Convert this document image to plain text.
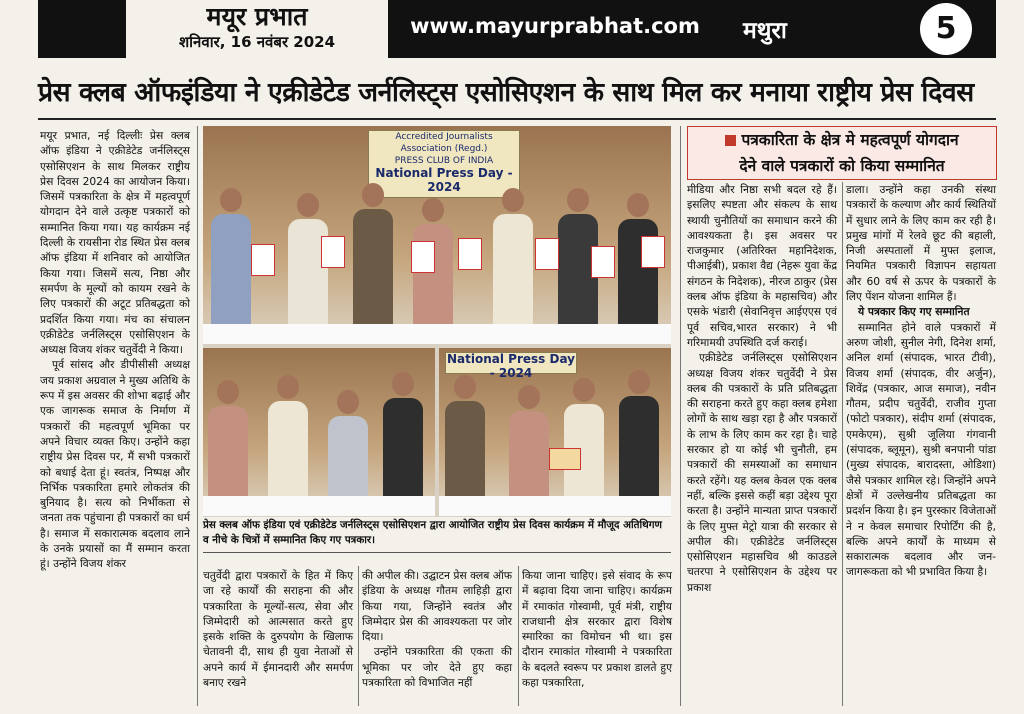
मयूर प्रभात
शनिवार, 16 नवंबर 2024
www.mayurprabhat.com	मथुरा	5
प्रेस क्लब ऑफइंडिया ने एक्रीडेटेड जर्नलिस्ट्स एसोसिएशन के साथ मिल कर मनाया राष्ट्रीय प्रेस दिवस

मयूर प्रभात, नई दिल्लीः प्रेस क्लब ऑफ इंडिया ने एक्रीडेटेड जर्नलिस्ट्स एसोसिएशन के साथ मिलकर राष्ट्रीय प्रेस दिवस 2024 का आयोजन किया। जिसमें पत्रकारिता के क्षेत्र में महत्वपूर्ण योगदान देने वाले उत्कृष्ट पत्रकारों को सम्मानित किया गया। यह कार्यक्रम नई दिल्ली के रायसीना रोड स्थित प्रेस क्लब ऑफ इंडिया में शनिवार को आयोजित किया गया। जिसमें सत्य, निष्ठा और समर्पण के मूल्यों को कायम रखने के लिए पत्रकारों की अटूट प्रतिबद्धता को प्रदर्शित किया गया। मंच का संचालन एक्रीडेटेड जर्नलिस्ट्स एसोसिएशन के अध्यक्ष विजय शंकर चतुर्वेदी ने किया।

पूर्व सांसद और डीपीसीसी अध्यक्ष जय प्रकाश अग्रवाल ने मुख्य अतिथि के रूप में इस अवसर की शोभा बढ़ाई और एक जागरूक समाज के निर्माण में पत्रकारों की महत्वपूर्ण भूमिका पर अपने विचार व्यक्त किए। उन्होंने कहा राष्ट्रीय प्रेस दिवस पर, मैं सभी पत्रकारों को बधाई देता हूं। स्वतंत्र, निष्पक्ष और निर्भिक पत्रकारिता हमारे लोकतंत्र की बुनियाद है। सत्य को निर्भीकता से जनता तक पहुंचाना ही पत्रकारों का धर्म है। समाज में सकारात्मक बदलाव लाने के उनके प्रयासों का मैं सम्मान करता हूं। उन्होंने विजय शंकर

Accredited Journalists Association (Regd.)
PRESS CLUB OF INDIA
National Press Day - 2024
National Press Day - 2024
प्रेस क्लब ऑफ इंडिया एवं एक्रीडेटेड जर्नलिस्ट्स एसोसिएशन द्वारा आयोजित राष्ट्रीय प्रेस दिवस कार्यक्रम में मौजूद अतिथिगण व नीचे के चित्रों में सम्मानित किए गए पत्रकार।

चतुर्वेदी द्वारा पत्रकारों के हित में किए जा रहे कार्यों की सराहना की और पत्रकारिता के मूल्यों-सत्य, सेवा और जिम्मेदारी को आत्मसात करते हुए इसके शक्ति के दुरुपयोग के खिलाफ चेतावनी दी, साथ ही युवा नेताओं से अपने कार्य में ईमानदारी और समर्पण बनाए रखने

की अपील की। उद्घाटन प्रेस क्लब ऑफ इंडिया के अध्यक्ष गौतम लाहिड़ी द्वारा किया गया, जिन्होंने स्वतंत्र और जिम्मेदार प्रेस की आवश्यकता पर जोर दिया।

उन्होंने पत्रकारिता की एकता की भूमिका पर जोर देते हुए कहा पत्रकारिता को विभाजित नहीं

किया जाना चाहिए। इसे संवाद के रूप में बढ़ावा दिया जाना चाहिए। कार्यक्रम में रमाकांत गोस्वामी, पूर्व मंत्री, राष्ट्रीय राजधानी क्षेत्र सरकार द्वारा विशेष स्मारिका का विमोचन भी था। इस दौरान रमाकांत गोस्वामी ने पत्रकारिता के बदलते स्वरूप पर प्रकाश डालते हुए कहा पत्रकारिता,

पत्रकारिता के क्षेत्र मे महत्वपूर्ण योगदान
देने वाले पत्रकारों को किया सम्मानित

मीडिया और निष्ठा सभी बदल रहे हैं। इसलिए स्पष्टता और संकल्प के साथ स्थायी चुनौतियों का समाधान करने की आवश्यकता है। इस अवसर पर राजकुमार (अतिरिक्त महानिदेशक, पीआईबी), प्रकाश वैद्य (नेहरू युवा केंद्र संगठन के निदेशक), नीरज ठाकुर (प्रेस क्लब ऑफ इंडिया के महासचिव) और एसके भंडारी (सेवानिवृत्त आईएएस एवं पूर्व सचिव,भारत सरकार) ने भी गरिमामयी उपस्थिति दर्ज कराई।

एक्रीडेटेड जर्नलिस्ट्स एसोसिएशन अध्यक्ष विजय शंकर चतुर्वेदी ने प्रेस क्लब की पत्रकारों के प्रति प्रतिबद्धता की सराहना करते हुए कहा क्लब हमेशा लोगों के साथ खड़ा रहा है और पत्रकारों के लाभ के लिए काम कर रहा है। चाहे सरकार हो या कोई भी चुनौती, हम पत्रकारों की समस्याओं का समाधान करते रहेंगे। यह क्लब केवल एक क्लब नहीं, बल्कि इससे कहीं बड़ा उद्देश्य पूरा करता है। उन्होंने मान्यता प्राप्त पत्रकारों के लिए मुफ्त मेट्रो यात्रा की सरकार से अपील की। एक्रीडेटेड जर्नलिस्ट्स एसोसिएशन महासचिव श्री काउडले चतरपा ने एसोसिएशन के उद्देश्य पर प्रकाश

डाला। उन्होंने कहा उनकी संस्था पत्रकारों के कल्याण और कार्य स्थितियों में सुधार लाने के लिए काम कर रही है। प्रमुख मांगों में रेलवे छूट की बहाली, निजी अस्पतालों में मुफ्त इलाज, नियमित पत्रकारी विज्ञापन सहायता और 60 वर्ष से ऊपर के पत्रकारों के लिए पेंशन योजना शामिल हैं।

ये पत्रकार किए गए सम्मानित

सम्मानित होने वाले पत्रकारों में अरुण जोशी, सुनील नेगी, दिनेश शर्मा, अनिल शर्मा (संपादक, भारत टीवी), विजय शर्मा (संपादक, वीर अर्जुन), शिवेंद्र (पत्रकार, आज समाज), नवीन गौतम, प्रदीप चतुर्वेदी, राजीव गुप्ता (फोटो पत्रकार), संदीप शर्मा (संपादक, एमकेएम), सुश्री जूलिया गंगवानी (संपादक, ब्लूमून), सुश्री बनपानी पांडा (मुख्य संपादक, बारादस्ता, ओडिशा) जैसे पत्रकार शामिल रहे। जिन्होंने अपने क्षेत्रों में उल्लेखनीय प्रतिबद्धता का प्रदर्शन किया है। इन पुरस्कार विजेताओं ने न केवल समाचार रिपोर्टिंग की है, बल्कि अपने कार्यों के माध्यम से सकारात्मक बदलाव और जन-जागरूकता को भी प्रभावित किया है।
